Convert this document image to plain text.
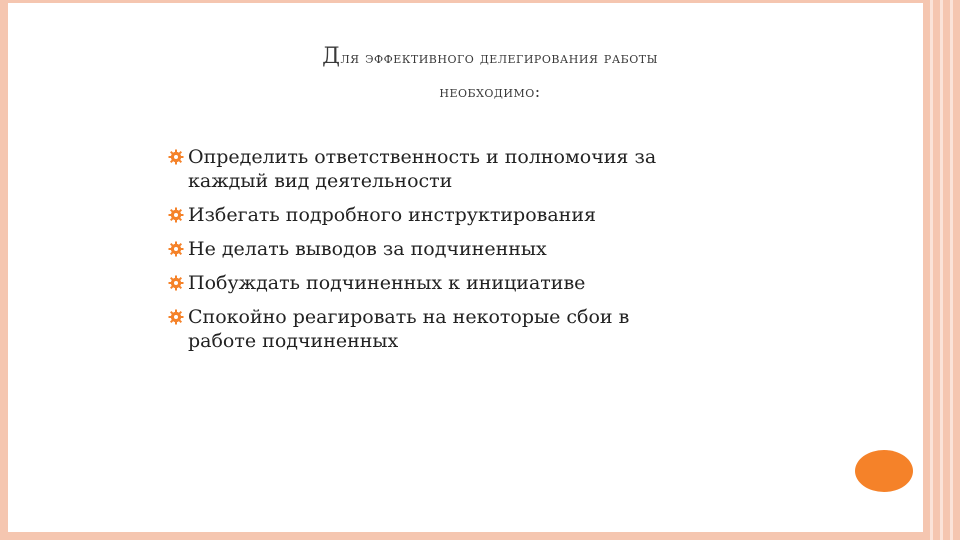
Для эффективного делегирования работы
необходимо:
Определить ответственность и полномочия за
каждый вид деятельности
Избегать подробного инструктирования
Не делать выводов за подчиненных
Побуждать подчиненных к инициативе
Спокойно реагировать на некоторые сбои в
работе подчиненных
